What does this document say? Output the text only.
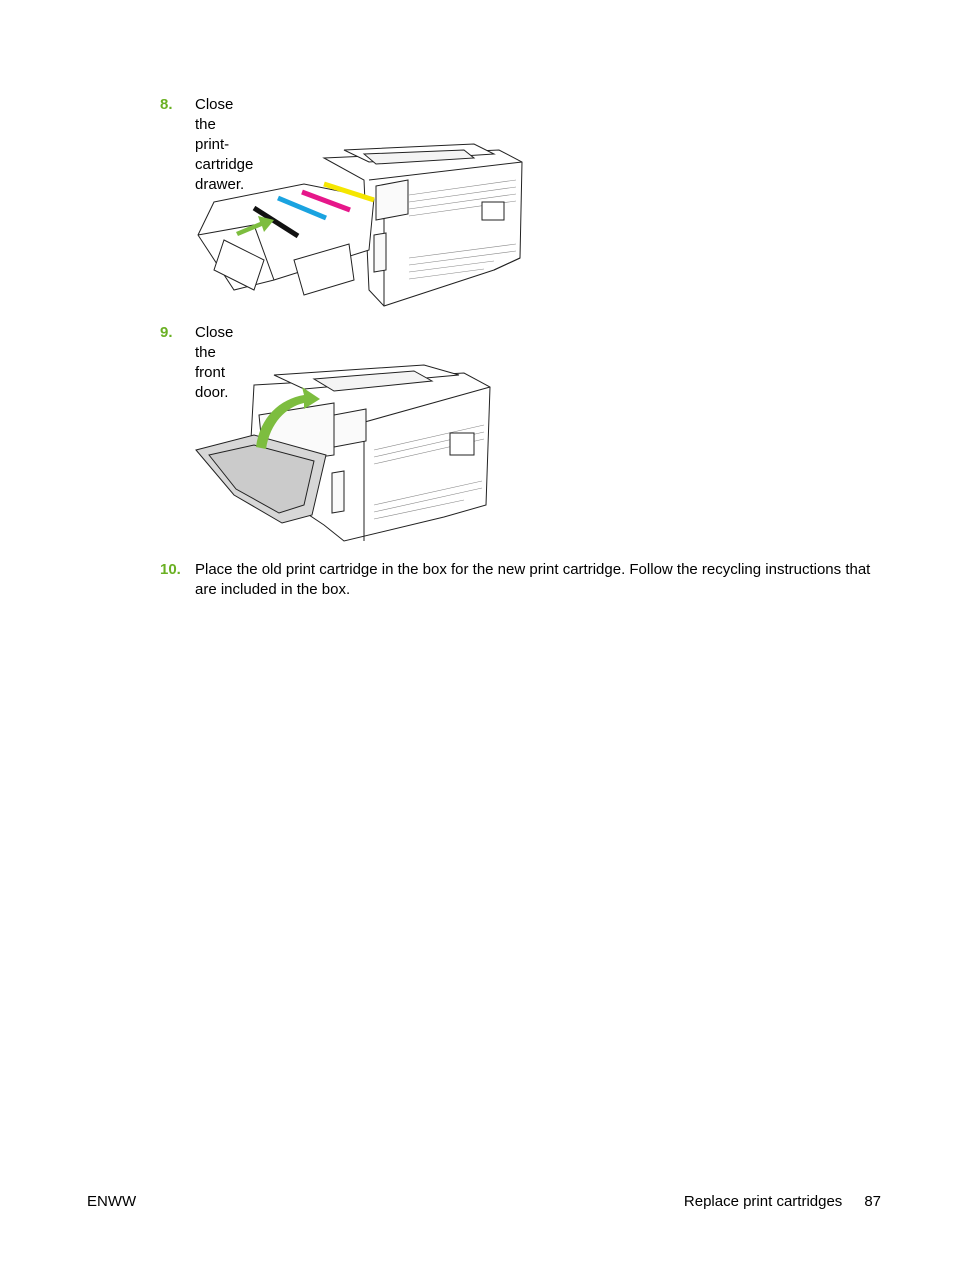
8.	Close the print-cartridge drawer.
9.	Close the front door.
10. Place the old print cartridge in the box for the new print cartridge. Follow the recycling instructions that are included in the box.
ENWW	Replace print cartridges 87
